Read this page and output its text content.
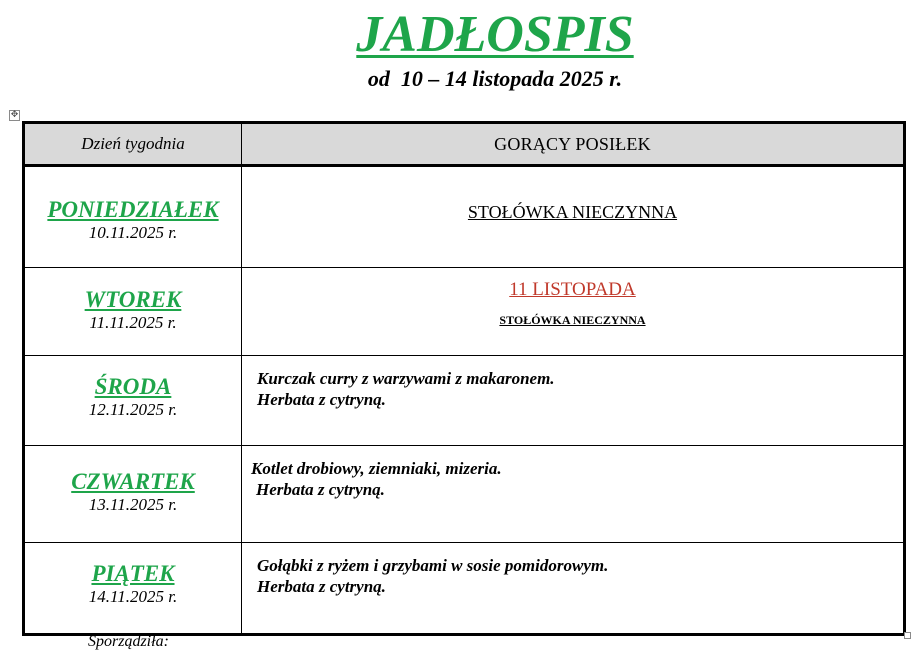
JADŁOSPIS
od  10 – 14 listopada 2025 r.
✥
Dzień tygodnia	GORĄCY POSIŁEK

PONIEDZIAŁEK
10.11.2025 r.	STOŁÓWKA NIECZYNNA

WTOREK
11.11.2025 r.	11 LISTOPADA
STOŁÓWKA NIECZYNNA

ŚRODA
12.11.2025 r.	Kurczak curry z warzywami z makaronem.
Herbata z cytryną.

CZWARTEK
13.11.2025 r.	Kotlet drobiowy, ziemniaki, mizeria.
Herbata z cytryną.

PIĄTEK
14.11.2025 r.	Gołąbki z ryżem i grzybami w sosie pomidorowym.
Herbata z cytryną.
Sporządziła:
